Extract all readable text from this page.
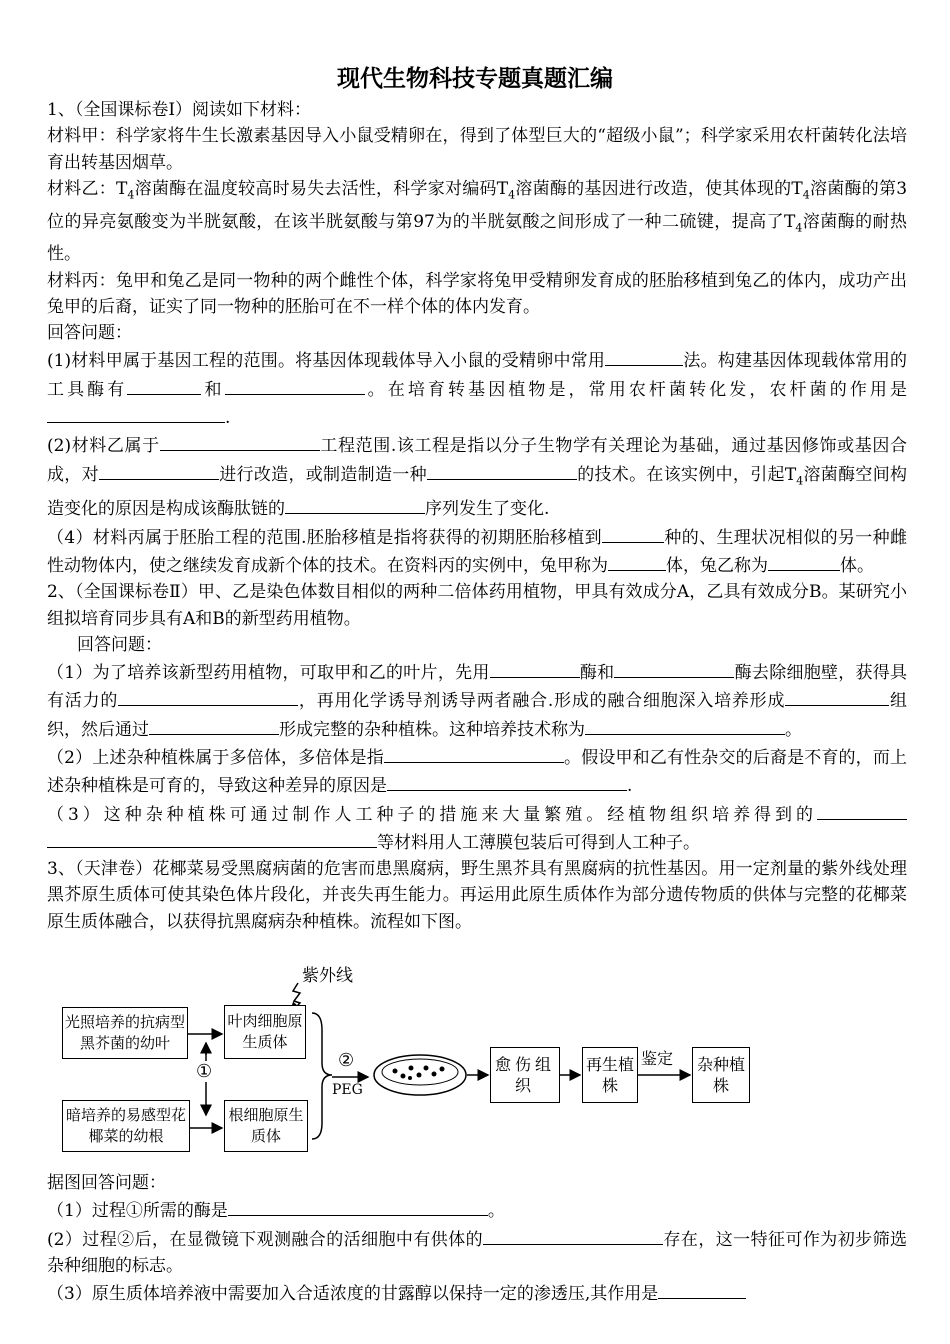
现代生物科技专题真题汇编

1、（全国课标卷Ⅰ）阅读如下材料：

材料甲：科学家将牛生长激素基因导入小鼠受精卵在，得到了体型巨大的“超级小鼠”；科学家采用农杆菌转化法培育出转基因烟草。

材料乙：$T_4$溶菌酶在温度较高时易失去活性，科学家对编码$T_4$溶菌酶的基因进行改造，使其体现的$T_4$溶菌酶的第3位的异亮氨酸变为半胱氨酸，在该半胱氨酸与第97为的半胱氨酸之间形成了一种二硫键，提高了$T_4$溶菌酶的耐热性。

材料丙：兔甲和兔乙是同一物种的两个雌性个体，科学家将兔甲受精卵发育成的胚胎移植到兔乙的体内，成功产出兔甲的后裔，证实了同一物种的胚胎可在不一样个体的体内发育。

回答问题：

(1)材料甲属于基因工程的范围。将基因体现载体导入小鼠的受精卵中常用	法。构建基因体现载体常用的工具酶有	和	。在培育转基因植物是，常用农杆菌转化发，农杆菌的作用是.

(2)材料乙属于	工程范围.该工程是指以分子生物学有关理论为基础，通过基因修饰或基因合成，对	进行改造，或制造制造一种	的技术。在该实例中，引起$T_4$溶菌酶空间构造变化的原因是构成该酶肽链的	序列发生了变化.

（4）材料丙属于胚胎工程的范围.胚胎移植是指将获得的初期胚胎移植到	种的、生理状况相似的另一种雌性动物体内，使之继续发育成新个体的技术。在资料丙的实例中，兔甲称为	体，兔乙称为	体。

2、（全国课标卷Ⅱ）甲、乙是染色体数目相似的两种二倍体药用植物，甲具有效成分A，乙具有效成分B。某研究小组拟培育同步具有A和B的新型药用植物。

回答问题：

（1）为了培养该新型药用植物，可取甲和乙的叶片，先用	酶和	酶去除细胞壁，获得具有活力的	，再用化学诱导剂诱导两者融合.形成的融合细胞深入培养形成	组织，然后通过	形成完整的杂种植株。这种培养技术称为	。

（2）上述杂种植株属于多倍体，多倍体是指	。假设甲和乙有性杂交的后裔是不育的，而上述杂种植株是可育的，导致这种差异的原因是	.

（3）这种杂种植株可通过制作人工种子的措施来大量繁殖。经植物组织培养得到的等材料用人工薄膜包装后可得到人工种子。

3、（天津卷）花椰菜易受黑腐病菌的危害而患黑腐病，野生黑芥具有黑腐病的抗性基因。用一定剂量的紫外线处理黑芥原生质体可使其染色体片段化，并丧失再生能力。再运用此原生质体作为部分遗传物质的供体与完整的花椰菜原生质体融合，以获得抗黑腐病杂种植株。流程如下图。

紫外线
光照培养的抗病型黑芥菌的幼叶
叶肉细胞原生质体
暗培养的易感型花椰菜的幼根
根细胞原生质体
①
②
PEG
愈伤组织
再生植株
鉴定	杂种植株

据图回答问题：

（1）过程①所需的酶是	。

(2）过程②后，在显微镜下观测融合的活细胞中有供体的	存在，这一特征可作为初步筛选杂种细胞的标志。

（3）原生质体培养液中需要加入合适浓度的甘露醇以保持一定的渗透压,其作用是
